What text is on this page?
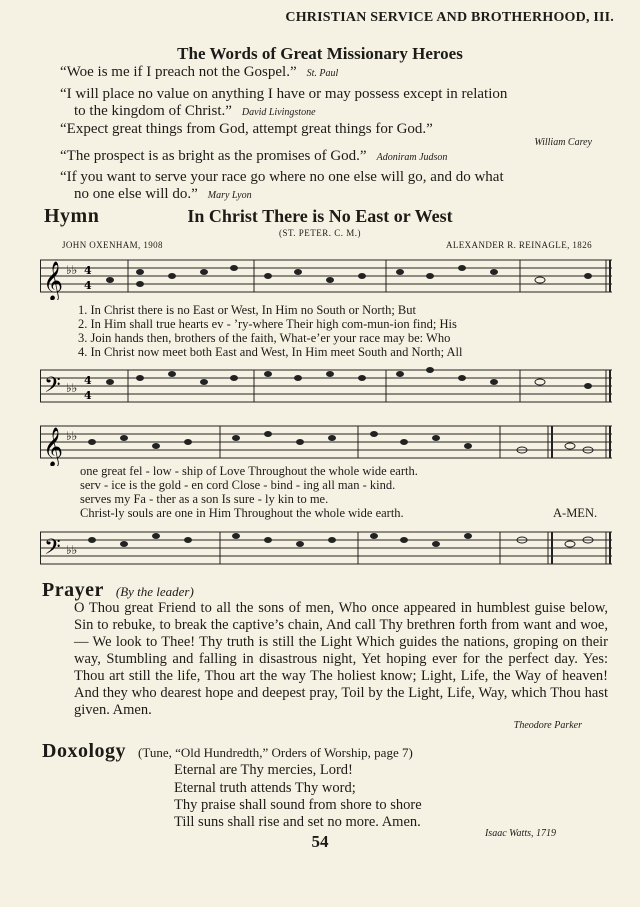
CHRISTIAN SERVICE AND BROTHERHOOD, III.
The Words of Great Missionary Heroes
“Woe is me if I preach not the Gospel.” St. Paul
“I will place no value on anything I have or may possess except in relation
to the kingdom of Christ.” David Livingstone
“Expect great things from God, attempt great things for God.”
William Carey
“The prospect is as bright as the promises of God.” Adoniram Judson
“If you want to serve your race go where no one else will go, and do what
no one else will do.” Mary Lyon
Hymn	In Christ There is No East or West
(ST. PETER. C. M.)
JOHN OXENHAM, 1908	ALEXANDER R. REINAGLE, 1826
𝄞 ♭♭ 4
4
1. In Christ there is no East or West, In Him no South or North; But
2. In Him shall true hearts ev - ’ry-where Their high com-mun-ion find; His
3. Join hands then, brothers of the faith, What-e’er your race may be: Who
4. In Christ now meet both East and West, In Him meet South and North; All
𝄢 ♭♭
4
4
𝄞 ♭♭
one great fel - low - ship of Love Throughout the whole wide earth.
serv - ice is the gold - en cord Close - bind - ing all man - kind.
serves my Fa - ther as a son Is sure - ly kin to me.
Christ-ly souls are one in Him Throughout the whole wide earth.	A-MEN.
𝄢 ♭♭
Prayer (By the leader)
O Thou great Friend to all the sons of men, Who once appeared in humblest guise below, Sin to rebuke, to break the captive’s chain, And call Thy brethren forth from want and woe,— We look to Thee! Thy truth is still the Light Which guides the nations, groping on their way, Stumbling and falling in disastrous night, Yet hoping ever for the perfect day. Yes: Thou art still the life, Thou art the way The holiest know; Light, Life, the Way of heaven! And they who dearest hope and deepest pray, Toil by the Light, Life, Way, which Thou hast given. Amen.
Theodore Parker
Doxology (Tune, “Old Hundredth,” Orders of Worship, page 7)
Eternal are Thy mercies, Lord!
Eternal truth attends Thy word;
Thy praise shall sound from shore to shore
Till suns shall rise and set no more. Amen.
Isaac Watts, 1719
54
